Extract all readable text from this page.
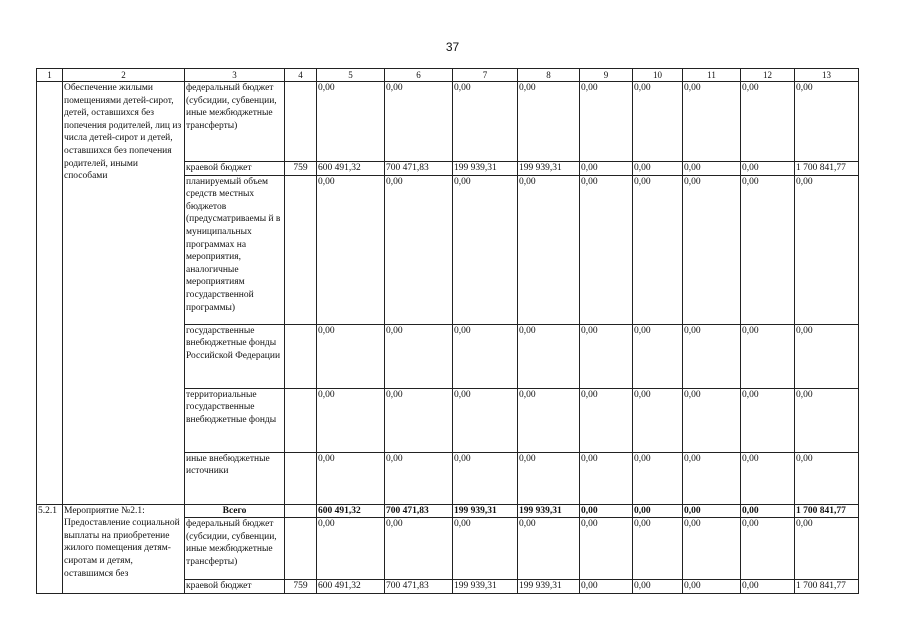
37
1	2	3	4	5	6	7	8	9	10	11	12	13
	Обеспечение жилыми помещениями детей-сирот, детей, оставшихся без попечения родителей, лиц из числа детей-сирот и детей, оставшихся без попечения родителей, иными способами	федеральный бюджет (субсидии, субвенции, иные межбюджетные трансферты)		0,00	0,00	0,00	0,00	0,00	0,00	0,00	0,00	0,00
		краевой бюджет	759	600 491,32	700 471,83	199 939,31	199 939,31	0,00	0,00	0,00	0,00	1 700 841,77
		планируемый объем средств местных бюджетов (предусматриваемы й в муниципальных программах на мероприятия, аналогичные мероприятиям государственной программы)		0,00	0,00	0,00	0,00	0,00	0,00	0,00	0,00	0,00
		государственные внебюджетные фонды Российской Федерации		0,00	0,00	0,00	0,00	0,00	0,00	0,00	0,00	0,00
		территориальные государственные внебюджетные фонды		0,00	0,00	0,00	0,00	0,00	0,00	0,00	0,00	0,00
		иные внебюджетные источники		0,00	0,00	0,00	0,00	0,00	0,00	0,00	0,00	0,00
5.2.1	Мероприятие №2.1: Предоставление социальной выплаты на приобретение жилого помещения детям-сиротам и детям, оставшимся без	Всего		600 491,32	700 471,83	199 939,31	199 939,31	0,00	0,00	0,00	0,00	1 700 841,77
		федеральный бюджет (субсидии, субвенции, иные межбюджетные трансферты)		0,00	0,00	0,00	0,00	0,00	0,00	0,00	0,00	0,00
		краевой бюджет	759	600 491,32	700 471,83	199 939,31	199 939,31	0,00	0,00	0,00	0,00	1 700 841,77
